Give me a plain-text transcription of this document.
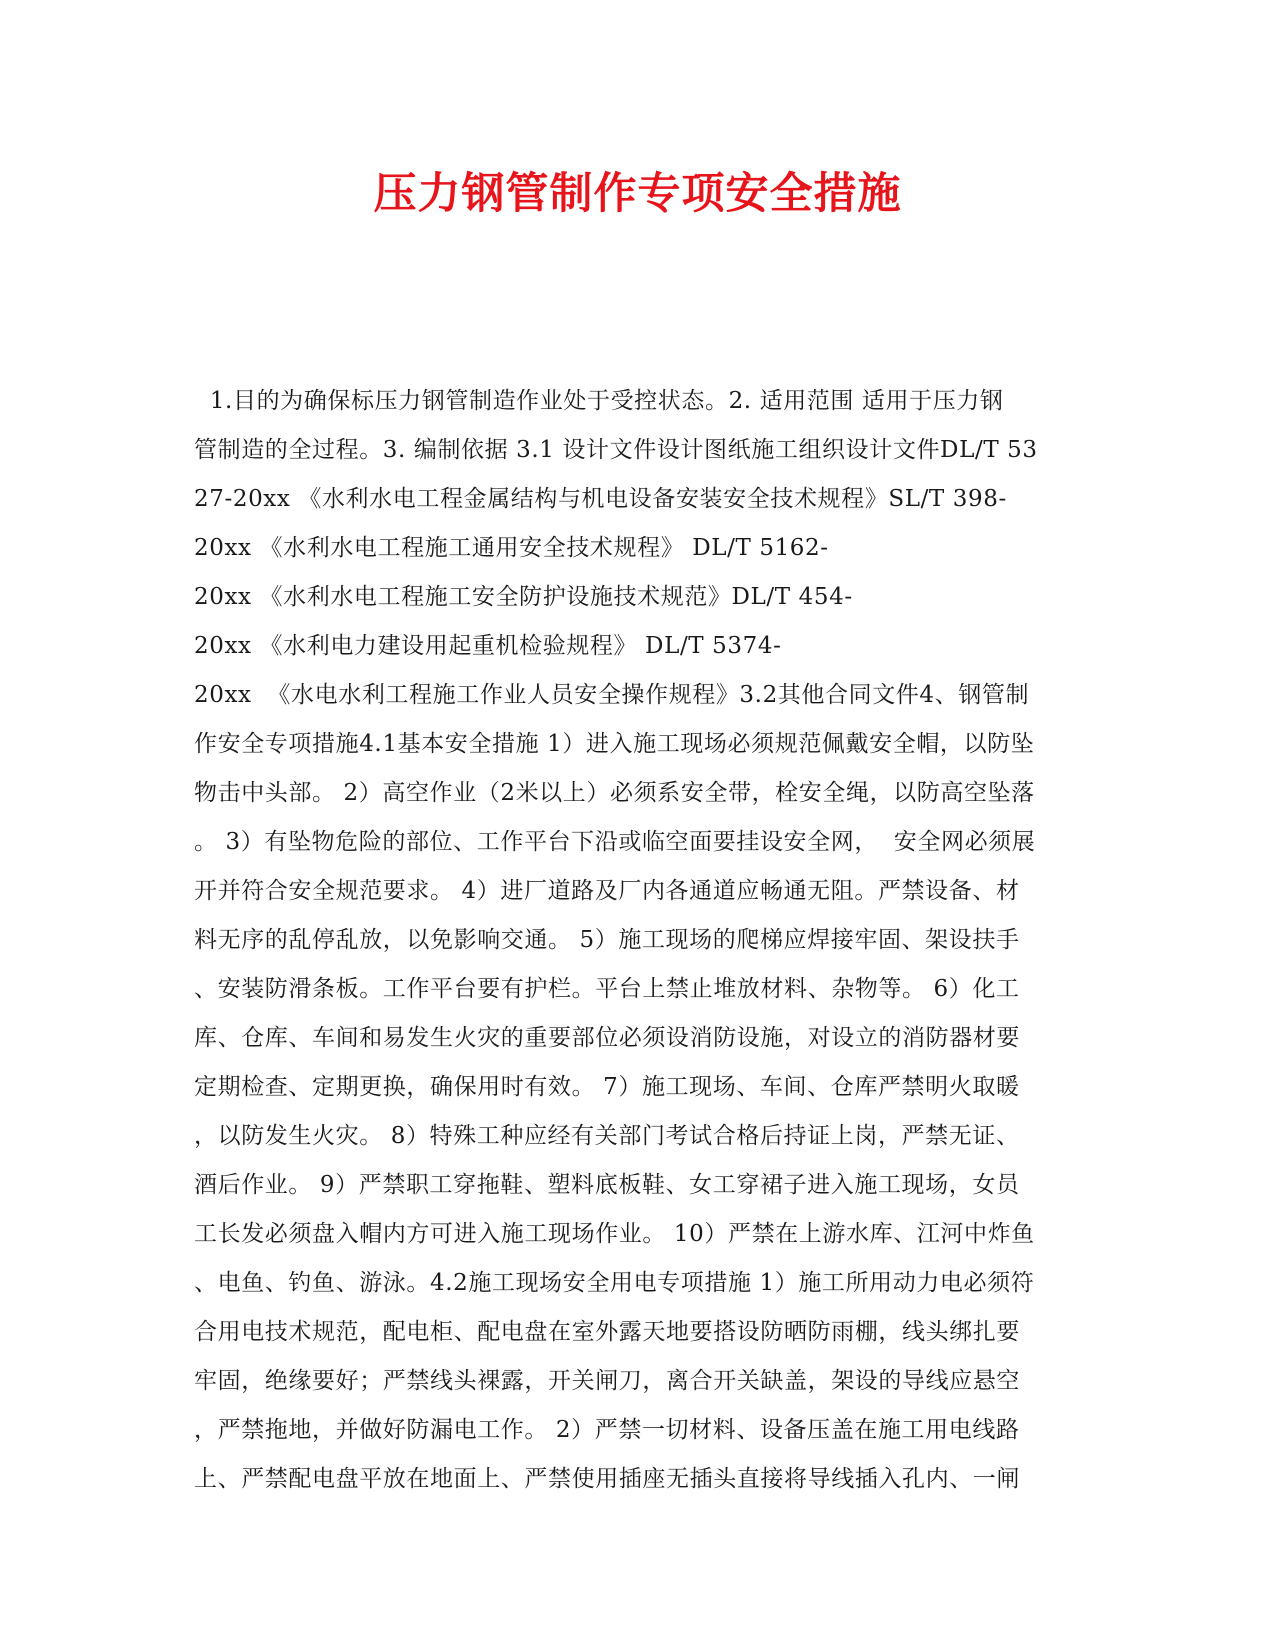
压力钢管制作专项安全措施
1.目的为确保标压力钢管制造作业处于受控状态。2. 适用范围 适用于压力钢
管制造的全过程。3. 编制依据 3.1 设计文件设计图纸施工组织设计文件DL/T 53
27-20xx 《水利水电工程金属结构与机电设备安装安全技术规程》SL/T 398-
20xx 《水利水电工程施工通用安全技术规程》 DL/T 5162-
20xx 《水利水电工程施工安全防护设施技术规范》DL/T 454-
20xx 《水利电力建设用起重机检验规程》 DL/T 5374-
20xx  《水电水利工程施工作业人员安全操作规程》3.2其他合同文件4、钢管制
作安全专项措施4.1基本安全措施 1）进入施工现场必须规范佩戴安全帽，以防坠
物击中头部。 2）高空作业（2米以上）必须系安全带，栓安全绳，以防高空坠落
。 3）有坠物危险的部位、工作平台下沿或临空面要挂设安全网，  安全网必须展
开并符合安全规范要求。 4）进厂道路及厂内各通道应畅通无阻。严禁设备、材
料无序的乱停乱放，以免影响交通。 5）施工现场的爬梯应焊接牢固、架设扶手
、安装防滑条板。工作平台要有护栏。平台上禁止堆放材料、杂物等。 6）化工
库、仓库、车间和易发生火灾的重要部位必须设消防设施，对设立的消防器材要
定期检查、定期更换，确保用时有效。 7）施工现场、车间、仓库严禁明火取暖
，以防发生火灾。 8）特殊工种应经有关部门考试合格后持证上岗，严禁无证、
酒后作业。 9）严禁职工穿拖鞋、塑料底板鞋、女工穿裙子进入施工现场，女员
工长发必须盘入帽内方可进入施工现场作业。 10）严禁在上游水库、江河中炸鱼
、电鱼、钓鱼、游泳。4.2施工现场安全用电专项措施 1）施工所用动力电必须符
合用电技术规范，配电柜、配电盘在室外露天地要搭设防晒防雨棚，线头绑扎要
牢固，绝缘要好；严禁线头裸露，开关闸刀，离合开关缺盖，架设的导线应悬空
，严禁拖地，并做好防漏电工作。 2）严禁一切材料、设备压盖在施工用电线路
上、严禁配电盘平放在地面上、严禁使用插座无插头直接将导线插入孔内、一闸
